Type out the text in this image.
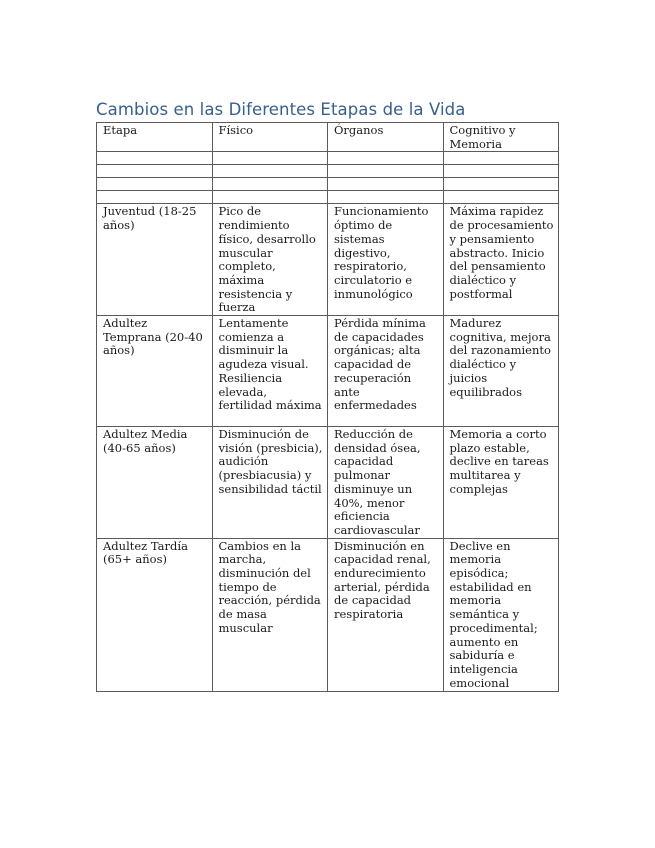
Cambios en las Diferentes Etapas de la Vida
Etapa	Físico	Órganos	Cognitivo y Memoria

Juventud (18-25 años)	Pico de rendimiento físico, desarrollo muscular completo, máxima resistencia y fuerza	Funcionamiento óptimo de sistemas digestivo, respiratorio, circulatorio e inmunológico	Máxima rapidez de procesamiento y pensamiento abstracto. Inicio del pensamiento dialéctico y postformal
Adultez Temprana (20-40 años)	Lentamente comienza a disminuir la agudeza visual. Resiliencia elevada, fertilidad máxima	Pérdida mínima de capacidades orgánicas; alta capacidad de recuperación ante enfermedades	Madurez cognitiva, mejora del razonamiento dialéctico y juicios equilibrados
Adultez Media (40-65 años)	Disminución de visión (presbicia), audición (presbiacusia) y sensibilidad táctil	Reducción de densidad ósea, capacidad pulmonar disminuye un 40%, menor eficiencia cardiovascular	Memoria a corto plazo estable, declive en tareas multitarea y complejas
Adultez Tardía (65+ años)	Cambios en la marcha, disminución del tiempo de reacción, pérdida de masa muscular	Disminución en capacidad renal, endurecimiento arterial, pérdida de capacidad respiratoria	Declive en memoria episódica; estabilidad en memoria semántica y procedimental; aumento en sabiduría e inteligencia emocional
